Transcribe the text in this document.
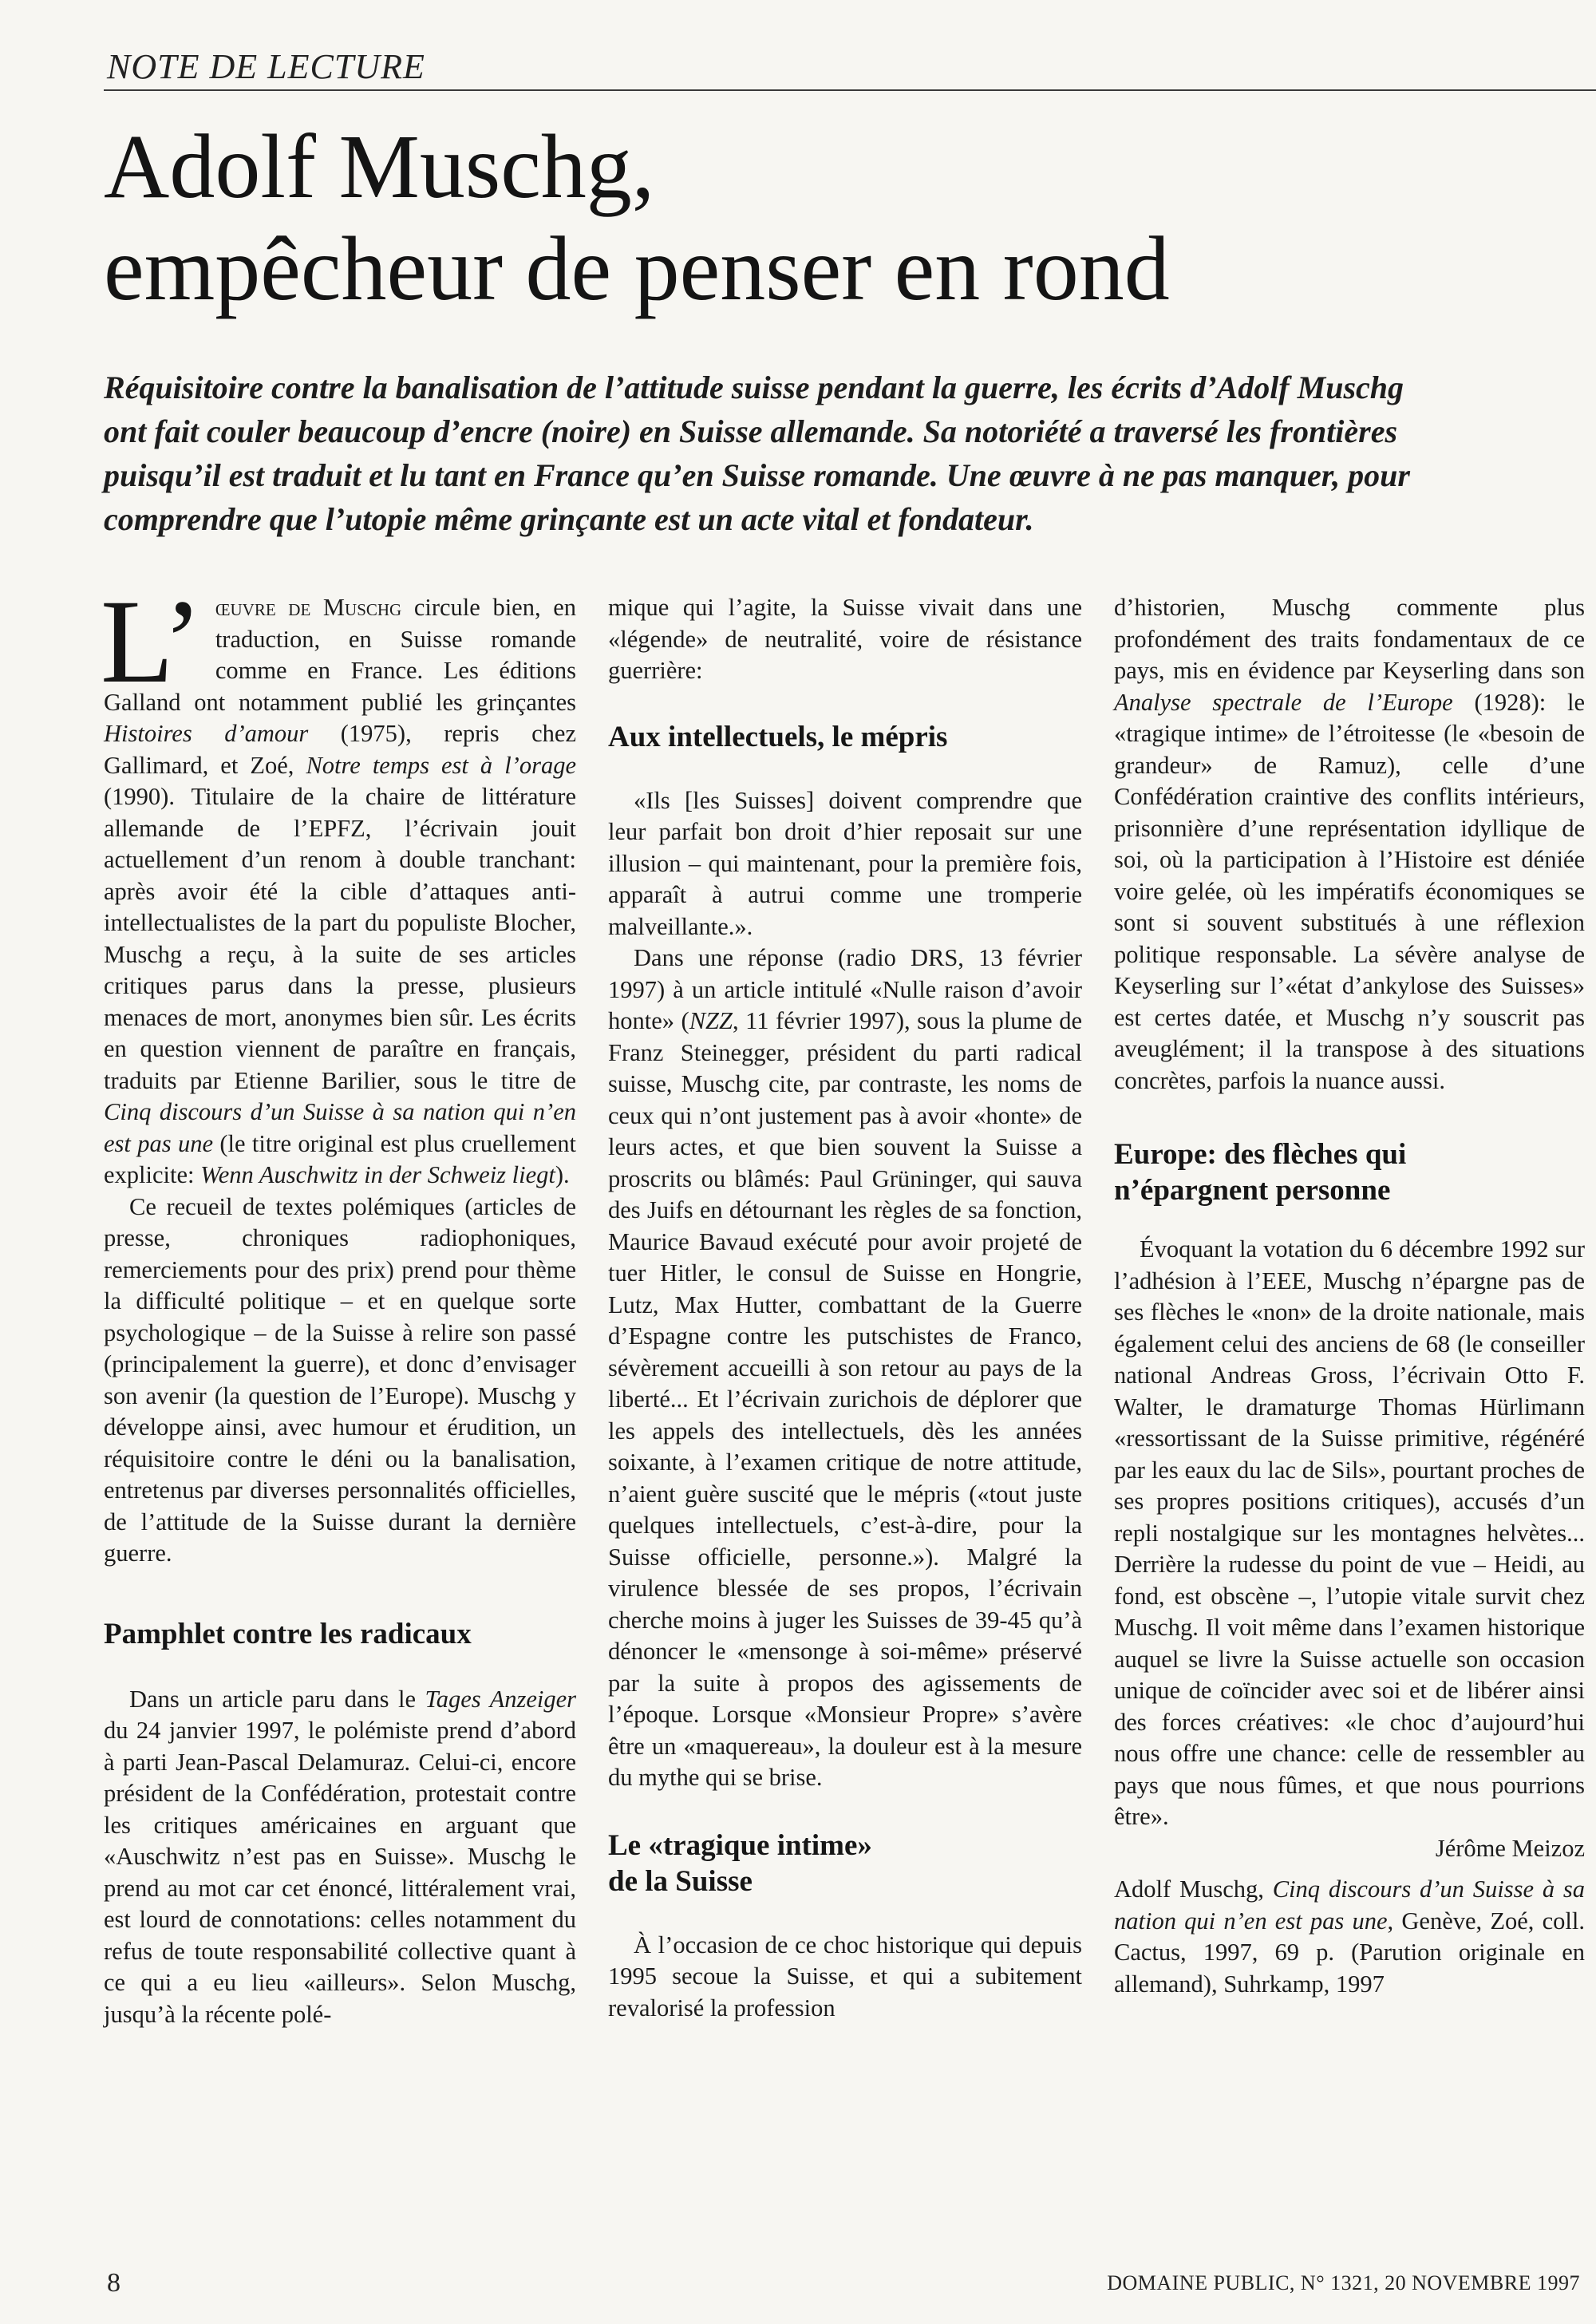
NOTE DE LECTURE
Adolf Muschg,
empêcheur de penser en rond

Réquisitoire contre la banalisation de l’attitude suisse pendant la guerre, les écrits d’Adolf Muschg ont fait couler beaucoup d’encre (noire) en Suisse allemande. Sa notoriété a traversé les frontières puisqu’il est traduit et lu tant en France qu’en Suisse romande. Une œuvre à ne pas manquer, pour comprendre que l’utopie même grinçante est un acte vital et fondateur.

L’ œuvre de Muschg circule bien, en traduction, en Suisse romande comme en France. Les éditions Galland ont notamment publié les grinçantes Histoires d’amour (1975), repris chez Gallimard, et Zoé, Notre temps est à l’orage (1990). Titulaire de la chaire de littérature allemande de l’EPFZ, l’écrivain jouit actuellement d’un renom à double tranchant: après avoir été la cible d’attaques anti-intellectualistes de la part du populiste Blocher, Muschg a reçu, à la suite de ses articles critiques parus dans la presse, plusieurs menaces de mort, anonymes bien sûr. Les écrits en question viennent de paraître en français, traduits par Etienne Barilier, sous le titre de Cinq discours d’un Suisse à sa nation qui n’en est pas une (le titre original est plus cruellement explicite: Wenn Auschwitz in der Schweiz liegt).

Ce recueil de textes polémiques (articles de presse, chroniques radiophoniques, remerciements pour des prix) prend pour thème la difficulté politique – et en quelque sorte psychologique – de la Suisse à relire son passé (principalement la guerre), et donc d’envisager son avenir (la question de l’Europe). Muschg y développe ainsi, avec humour et érudition, un réquisitoire contre le déni ou la banalisation, entretenus par diverses personnalités officielles, de l’attitude de la Suisse durant la dernière guerre.

Pamphlet contre les radicaux

Dans un article paru dans le Tages Anzeiger du 24 janvier 1997, le polémiste prend d’abord à parti Jean-Pascal Delamuraz. Celui-ci, encore président de la Confédération, protestait contre les critiques américaines en arguant que «Auschwitz n’est pas en Suisse». Muschg le prend au mot car cet énoncé, littéralement vrai, est lourd de connotations: celles notamment du refus de toute responsabilité collective quant à ce qui a eu lieu «ailleurs». Selon Muschg, jusqu’à la récente polé-

mique qui l’agite, la Suisse vivait dans une «légende» de neutralité, voire de résistance guerrière:

Aux intellectuels, le mépris

«Ils [les Suisses] doivent comprendre que leur parfait bon droit d’hier reposait sur une illusion – qui maintenant, pour la première fois, apparaît à autrui comme une tromperie malveillante.».

Dans une réponse (radio DRS, 13 février 1997) à un article intitulé «Nulle raison d’avoir honte» (NZZ, 11 février 1997), sous la plume de Franz Steinegger, président du parti radical suisse, Muschg cite, par contraste, les noms de ceux qui n’ont justement pas à avoir «honte» de leurs actes, et que bien souvent la Suisse a proscrits ou blâmés: Paul Grüninger, qui sauva des Juifs en détournant les règles de sa fonction, Maurice Bavaud exécuté pour avoir projeté de tuer Hitler, le consul de Suisse en Hongrie, Lutz, Max Hutter, combattant de la Guerre d’Espagne contre les putschistes de Franco, sévèrement accueilli à son retour au pays de la liberté... Et l’écrivain zurichois de déplorer que les appels des intellectuels, dès les années soixante, à l’examen critique de notre attitude, n’aient guère suscité que le mépris («tout juste quelques intellectuels, c’est-à-dire, pour la Suisse officielle, personne.»). Malgré la virulence blessée de ses propos, l’écrivain cherche moins à juger les Suisses de 39-45 qu’à dénoncer le «mensonge à soi-même» préservé par la suite à propos des agissements de l’époque. Lorsque «Monsieur Propre» s’avère être un «maquereau», la douleur est à la mesure du mythe qui se brise.

Le «tragique intime»
de la Suisse

À l’occasion de ce choc historique qui depuis 1995 secoue la Suisse, et qui a subitement revalorisé la profession

d’historien, Muschg commente plus profondément des traits fondamentaux de ce pays, mis en évidence par Keyserling dans son Analyse spectrale de l’Europe (1928): le «tragique intime» de l’étroitesse (le «besoin de grandeur» de Ramuz), celle d’une Confédération craintive des conflits intérieurs, prisonnière d’une représentation idyllique de soi, où la participation à l’Histoire est déniée voire gelée, où les impératifs économiques se sont si souvent substitués à une réflexion politique responsable. La sévère analyse de Keyserling sur l’«état d’ankylose des Suisses» est certes datée, et Muschg n’y souscrit pas aveuglément; il la transpose à des situations concrètes, parfois la nuance aussi.

Europe: des flèches qui
n’épargnent personne

Évoquant la votation du 6 décembre 1992 sur l’adhésion à l’EEE, Muschg n’épargne pas de ses flèches le «non» de la droite nationale, mais également celui des anciens de 68 (le conseiller national Andreas Gross, l’écrivain Otto F. Walter, le dramaturge Thomas Hürlimann «ressortissant de la Suisse primitive, régénéré par les eaux du lac de Sils», pourtant proches de ses propres positions critiques), accusés d’un repli nostalgique sur les montagnes helvètes... Derrière la rudesse du point de vue – Heidi, au fond, est obscène –, l’utopie vitale survit chez Muschg. Il voit même dans l’examen historique auquel se livre la Suisse actuelle son occasion unique de coïncider avec soi et de libérer ainsi des forces créatives: «le choc d’aujourd’hui nous offre une chance: celle de ressembler au pays que nous fûmes, et que nous pourrions être».

Jérôme Meizoz

Adolf Muschg, Cinq discours d’un Suisse à sa nation qui n’en est pas une, Genève, Zoé, coll. Cactus, 1997, 69 p. (Parution originale en allemand), Suhrkamp, 1997

8	DOMAINE PUBLIC, N° 1321, 20 NOVEMBRE 1997
